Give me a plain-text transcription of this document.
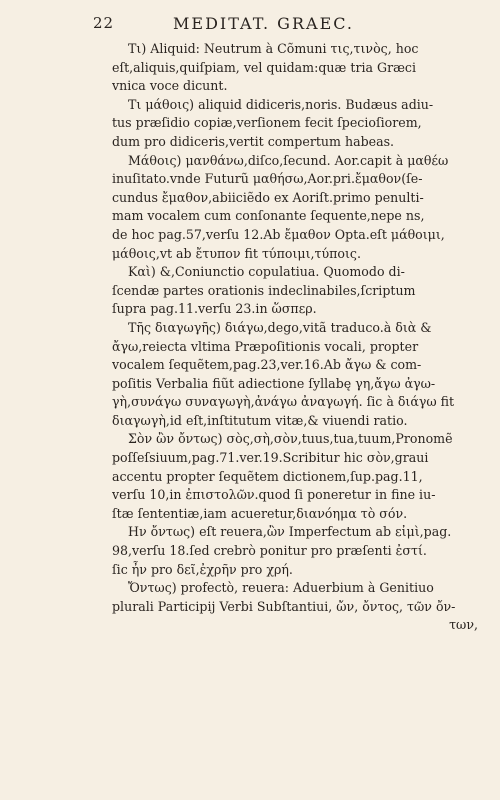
22	MEDITAT. GRAEC.
Tι) Aliquid: Neutrum à Cõmuni τις,τινὸς, hoc
eſt,aliquis,quiſpiam, vel quidam:quæ tria Græci
vnica voce dicunt.
Tι μάθοις) aliquid didiceris,noris. Budæus adiu-
tus præſidio copiæ,verſionem fecit ſpecioſiorem,
dum pro didiceris,vertit compertum habeas.
Mάθοις) μανθάνω,diſco,ſecund. Aor.capit à μαθέω
inuſitato.vnde Futurũ μαθήσω,Aor.pri.ἔμαθον(ſe-
cundus ἔμαθον,abiiciẽdo ex Aoriſt.primo penulti-
mam vocalem cum conſonante ſequente,nepe ns,
de hoc pag.57,verſu 12.Ab ἔμαθον Opta.eſt μάθοιμι,
μάθοις,vt ab ἔτυπον fit τύποιμι,τύποις.
Kαὶ) &,Coniunctio copulatiua. Quomodo di-
ſcendæ partes orationis indeclinabiles,ſcriptum
ſupra pag.11.verſu 23.in ὥσπερ.
Tῆς διαγωγῆς) διάγω,dego,vitã traduco.à διὰ &
ἄγω,reiecta vltima Præpoſitionis vocali, propter
vocalem ſequẽtem,pag.23,ver.16.Ab ἄγω & com-
poſitis Verbalia fiũt adiectione ſyllabę γη,ἄγω ἀγω-
γὴ,συνάγω συναγωγὴ,ἀνάγω ἀναγωγή. ſic à διάγω fit
διαγωγὴ,id eſt,inſtitutum vitæ,& viuendi ratio.
Σὸν ὢν ὄντως) σὸς,σὴ,σὸν,tuus,tua,tuum,Pronomẽ
poſſeſsiuum,pag.71.ver.19.Scribitur hic σὸν,graui
accentu propter ſequẽtem dictionem,ſup.pag.11,
verſu 10,in ἐπιστολῶν.quod ſi poneretur in fine iu-
ſtæ ſententiæ,iam acueretur,διανόημα τὸ σόν.
Hν ὄντως) eſt reuera,ὢν Imperfectum ab εἰμὶ,pag.
98,verſu 18.ſed crebrò ponitur pro præſenti ἐστί.
ſic ἦν pro δεῖ,ἐχρῆν pro χρή.
Ὄντως) profectò, reuera: Aduerbium à Genitiuo
plurali Participij Verbi Subſtantiui, ὤν, ὄντος, τῶν ὄν-
των,
